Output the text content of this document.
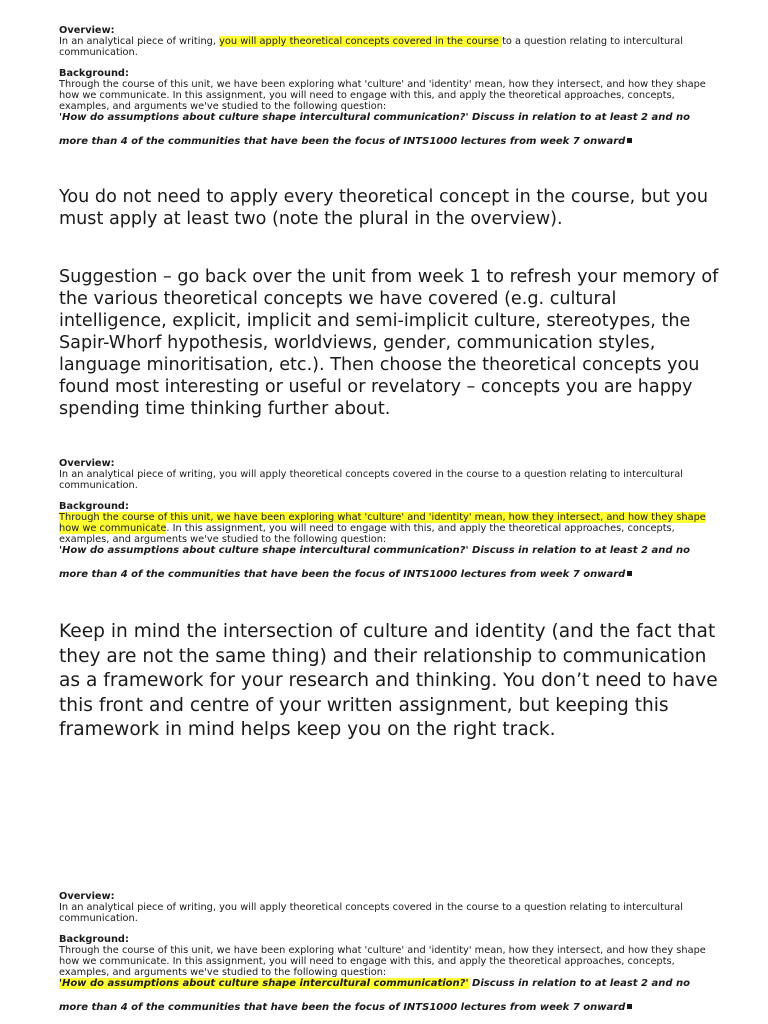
Overview:
In an analytical piece of writing, you will apply theoretical concepts covered in the course to a question relating to intercultural communication.
Background:
Through the course of this unit, we have been exploring what 'culture' and 'identity' mean, how they intersect, and how they shape how we communicate. In this assignment, you will need to engage with this, and apply the theoretical approaches, concepts, examples, and arguments we've studied to the following question:
'How do assumptions about culture shape intercultural communication?' Discuss in relation to at least 2 and no
more than 4 of the communities that have been the focus of INTS1000 lectures from week 7 onward
You do not need to apply every theoretical concept in the course, but you must apply at least two (note the plural in the overview).
Suggestion – go back over the unit from week 1 to refresh your memory of the various theoretical concepts we have covered (e.g. cultural intelligence, explicit, implicit and semi-implicit culture, stereotypes, the Sapir-Whorf hypothesis, worldviews, gender, communication styles, language minoritisation, etc.). Then choose the theoretical concepts you found most interesting or useful or revelatory – concepts you are happy spending time thinking further about.
Overview:
In an analytical piece of writing, you will apply theoretical concepts covered in the course to a question relating to intercultural communication.
Background:
Through the course of this unit, we have been exploring what 'culture' and 'identity' mean, how they intersect, and how they shape how we communicate. In this assignment, you will need to engage with this, and apply the theoretical approaches, concepts, examples, and arguments we've studied to the following question:
'How do assumptions about culture shape intercultural communication?' Discuss in relation to at least 2 and no
more than 4 of the communities that have been the focus of INTS1000 lectures from week 7 onward
Keep in mind the intersection of culture and identity (and the fact that they are not the same thing) and their relationship to communication as a framework for your research and thinking. You don’t need to have this front and centre of your written assignment, but keeping this framework in mind helps keep you on the right track.
Overview:
In an analytical piece of writing, you will apply theoretical concepts covered in the course to a question relating to intercultural communication.
Background:
Through the course of this unit, we have been exploring what 'culture' and 'identity' mean, how they intersect, and how they shape how we communicate. In this assignment, you will need to engage with this, and apply the theoretical approaches, concepts, examples, and arguments we've studied to the following question:
'How do assumptions about culture shape intercultural communication?' Discuss in relation to at least 2 and no
more than 4 of the communities that have been the focus of INTS1000 lectures from week 7 onward
